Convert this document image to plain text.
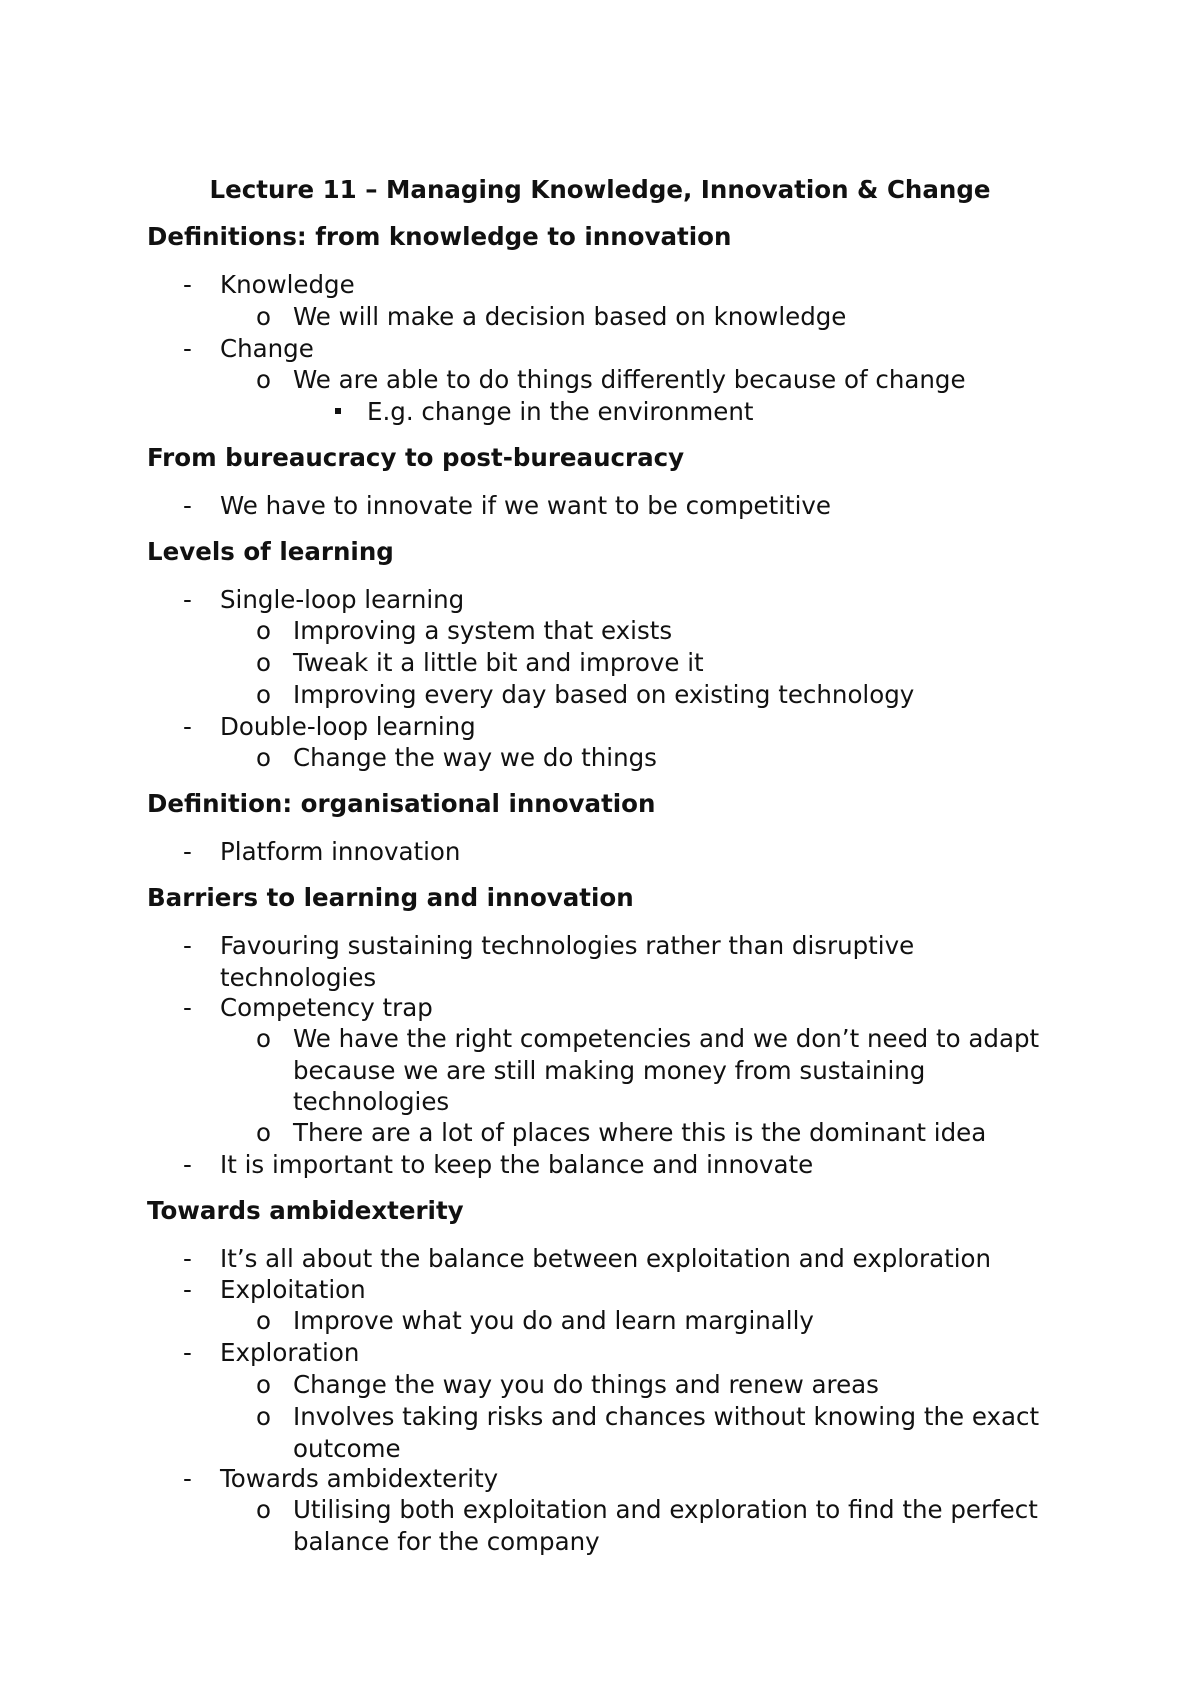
Lecture 11 – Managing Knowledge, Innovation & Change
Definitions: from knowledge to innovation
-	Knowledge
o We will make a decision based on knowledge
-	Change
o We are able to do things differently because of change
E.g. change in the environment
From bureaucracy to post-bureaucracy
-	We have to innovate if we want to be competitive
Levels of learning
-	Single-loop learning
o Improving a system that exists
o Tweak it a little bit and improve it
o Improving every day based on existing technology
-	Double-loop learning
o Change the way we do things
Definition: organisational innovation
-	Platform innovation
Barriers to learning and innovation
-	Favouring sustaining technologies rather than disruptive technologies
-	Competency trap
o We have the right competencies and we don’t need to adapt because we are still making money from sustaining technologies
o There are a lot of places where this is the dominant idea
-	It is important to keep the balance and innovate
Towards ambidexterity
-	It’s all about the balance between exploitation and exploration
-	Exploitation
o Improve what you do and learn marginally
-	Exploration
o Change the way you do things and renew areas
o Involves taking risks and chances without knowing the exact outcome
-	Towards ambidexterity
o Utilising both exploitation and exploration to find the perfect balance for the company
